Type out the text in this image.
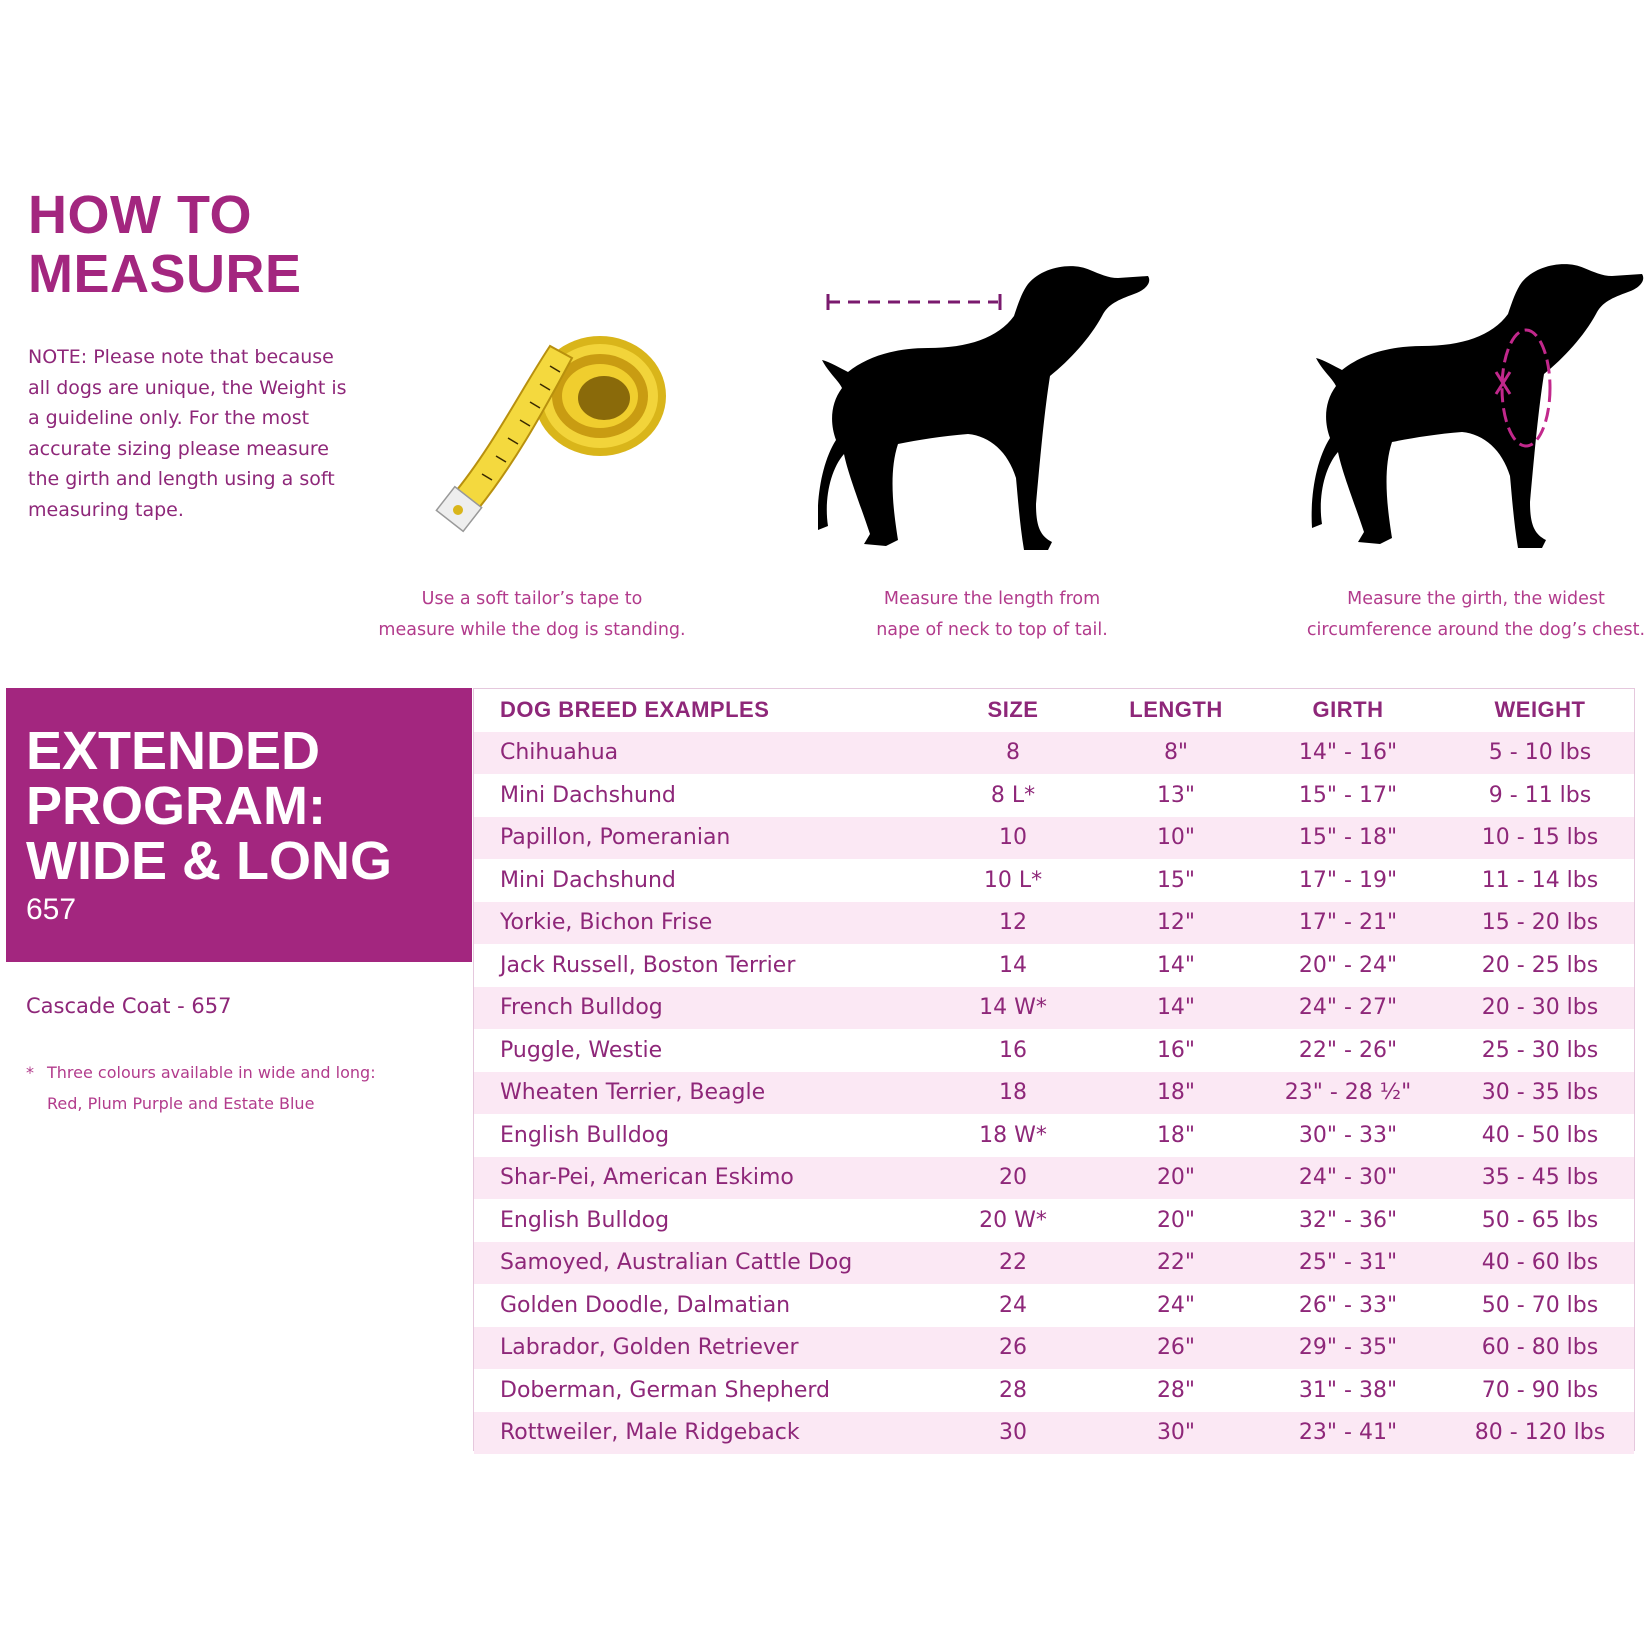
HOW TO
MEASURE
NOTE: Please note that because all dogs are unique, the Weight is a guideline only. For the most accurate sizing please measure the girth and length using a soft measuring tape.
Use a soft tailor’s tape to
measure while the dog is standing.
Measure the length from
nape of neck to top of tail.
Measure the girth, the widest
circumference around the dog’s chest.
EXTENDED
PROGRAM:
WIDE & LONG
657
Cascade Coat - 657
* Three colours available in wide and long:
Red, Plum Purple and Estate Blue
DOG BREED EXAMPLES	SIZE	LENGTH	GIRTH	WEIGHT
Chihuahua	8	8"	14" - 16"	5 - 10 lbs
Mini Dachshund	8 L*	13"	15" - 17"	9 - 11 lbs
Papillon, Pomeranian	10	10"	15" - 18"	10 - 15 lbs
Mini Dachshund	10 L*	15"	17" - 19"	11 - 14 lbs
Yorkie, Bichon Frise	12	12"	17" - 21"	15 - 20 lbs
Jack Russell, Boston Terrier	14	14"	20" - 24"	20 - 25 lbs
French Bulldog	14 W*	14"	24" - 27"	20 - 30 lbs
Puggle, Westie	16	16"	22" - 26"	25 - 30 lbs
Wheaten Terrier, Beagle	18	18"	23" - 28 ½"	30 - 35 lbs
English Bulldog	18 W*	18"	30" - 33"	40 - 50 lbs
Shar-Pei, American Eskimo	20	20"	24" - 30"	35 - 45 lbs
English Bulldog	20 W*	20"	32" - 36"	50 - 65 lbs
Samoyed, Australian Cattle Dog	22	22"	25" - 31"	40 - 60 lbs
Golden Doodle, Dalmatian	24	24"	26" - 33"	50 - 70 lbs
Labrador, Golden Retriever	26	26"	29" - 35"	60 - 80 lbs
Doberman, German Shepherd	28	28"	31" - 38"	70 - 90 lbs
Rottweiler, Male Ridgeback	30	30"	23" - 41"	80 - 120 lbs
